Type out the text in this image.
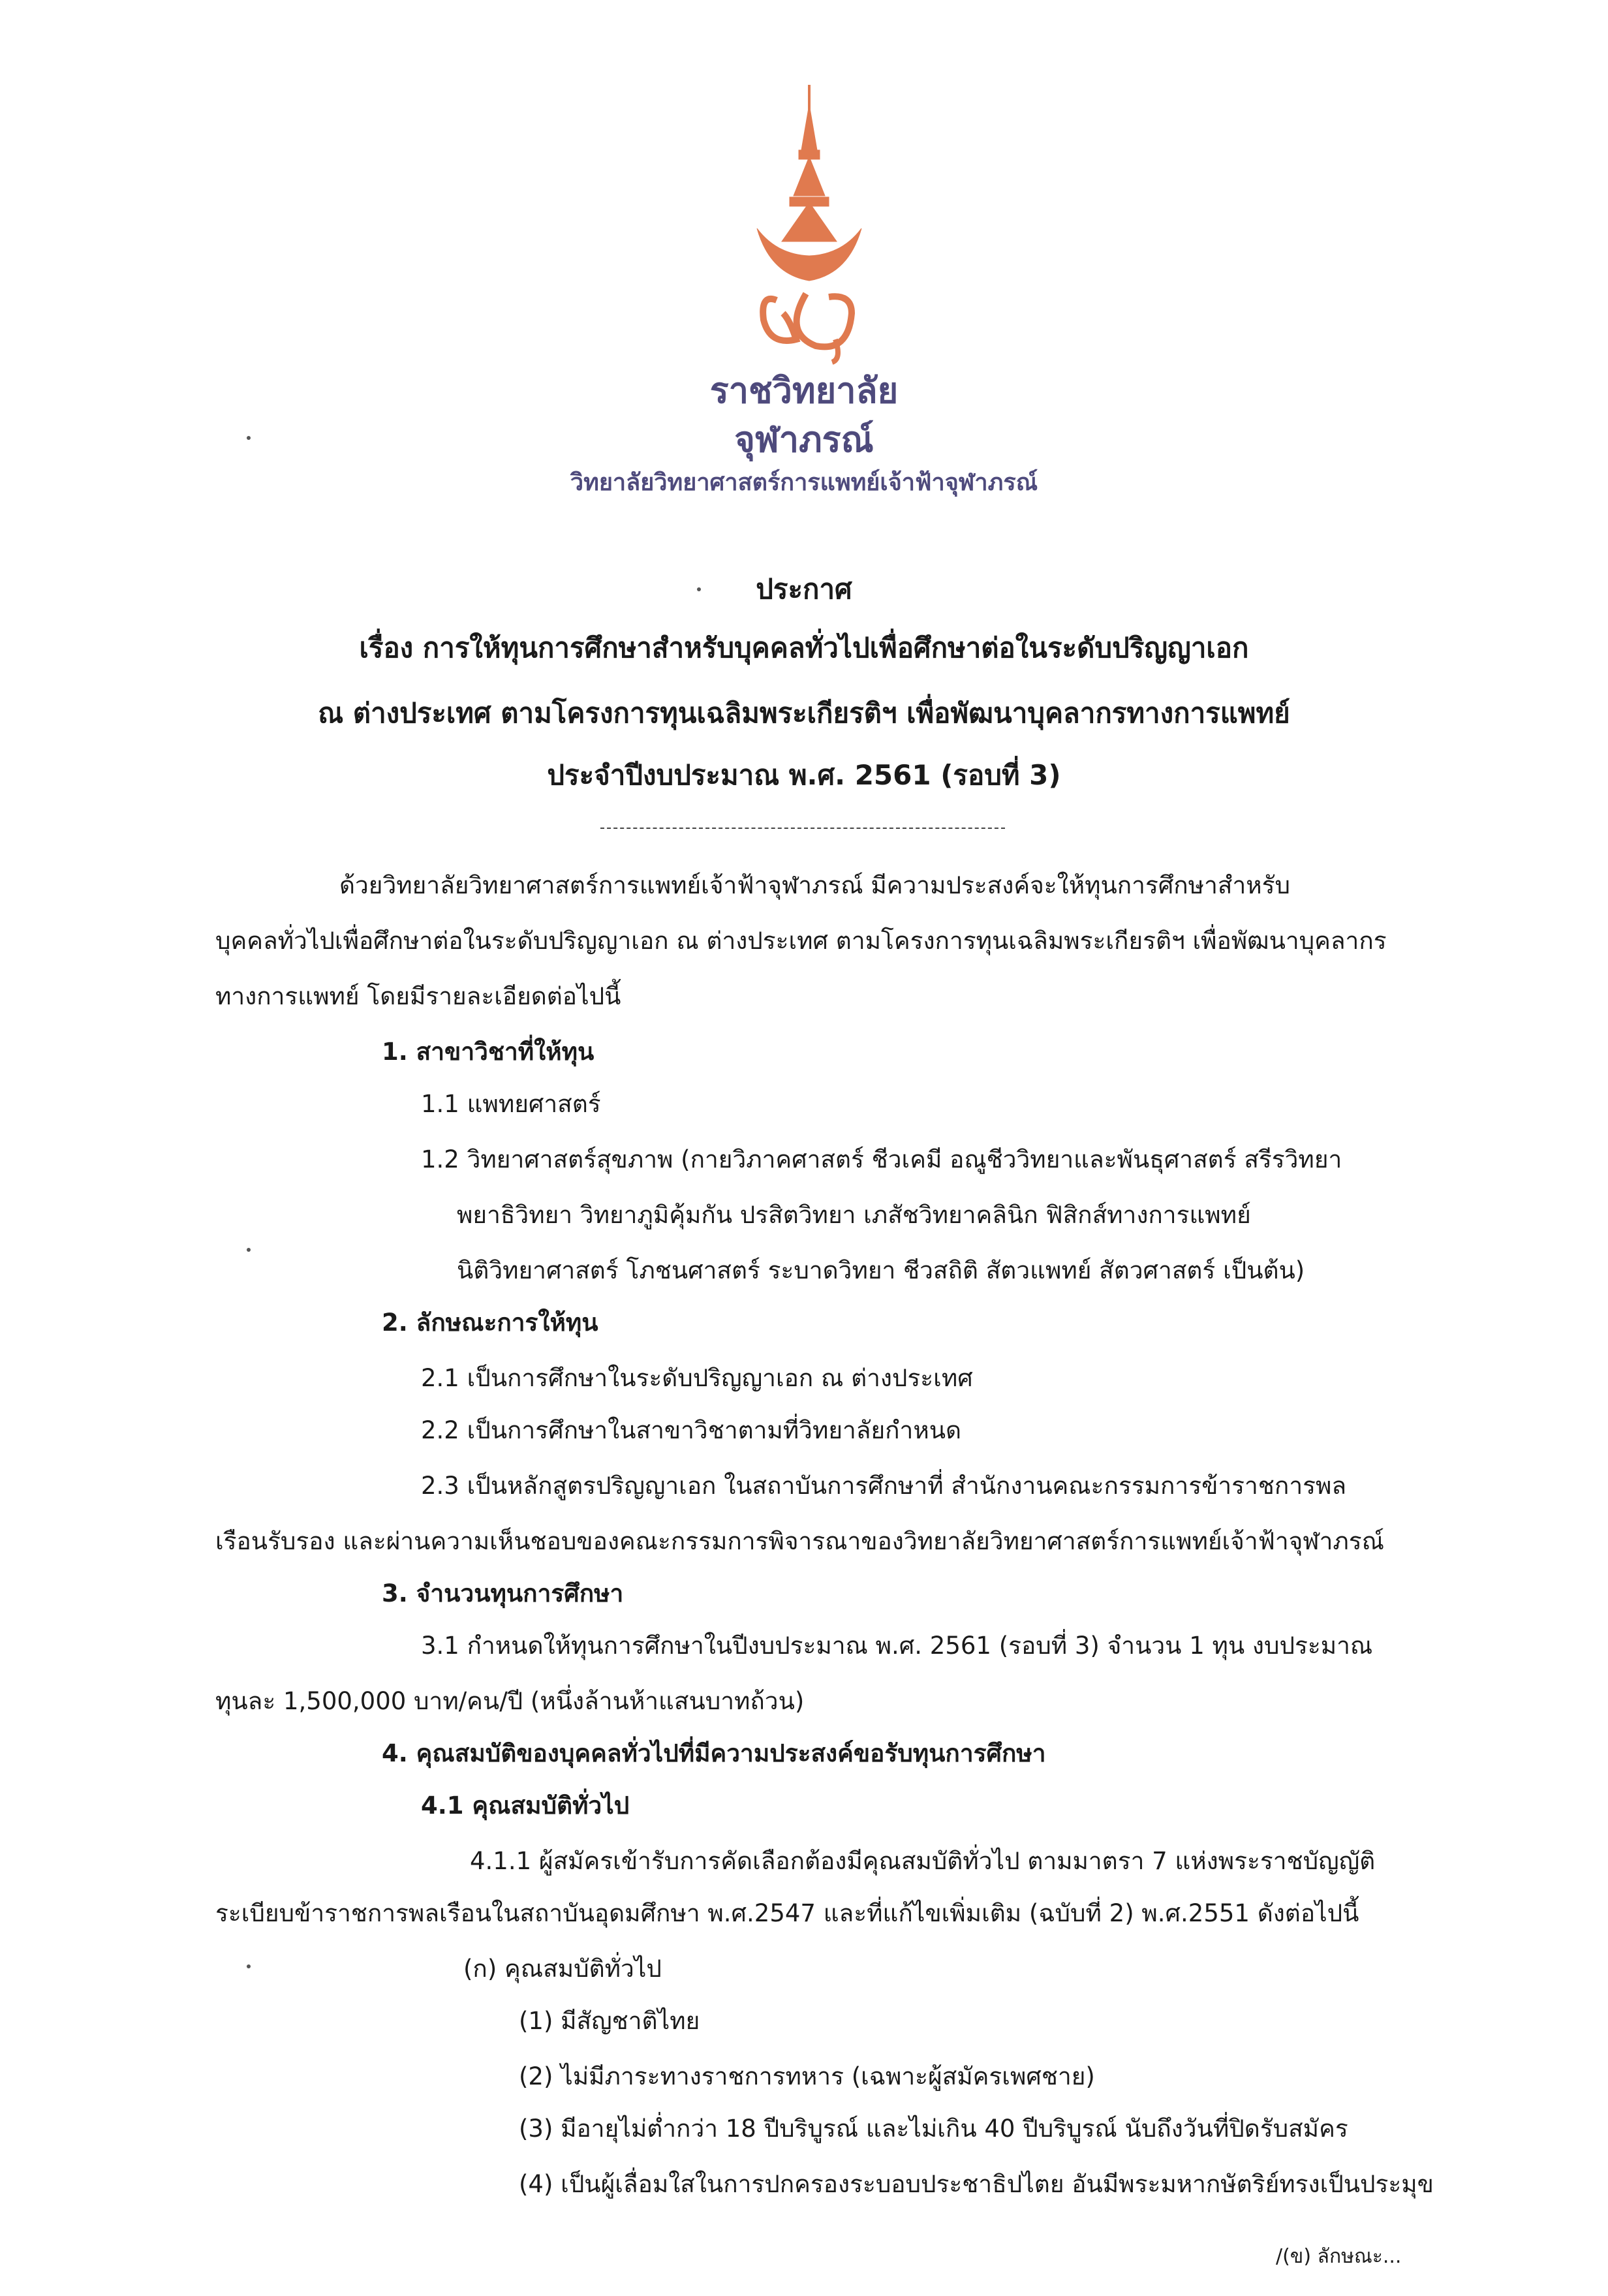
ราชวิทยาลัย
จุฬาภรณ์
วิทยาลัยวิทยาศาสตร์การแพทย์เจ้าฟ้าจุฬาภรณ์
ประกาศ
เรื่อง การให้ทุนการศึกษาสำหรับบุคคลทั่วไปเพื่อศึกษาต่อในระดับปริญญาเอก
ณ ต่างประเทศ ตามโครงการทุนเฉลิมพระเกียรติฯ เพื่อพัฒนาบุคลากรทางการแพทย์
ประจำปีงบประมาณ พ.ศ. 2561 (รอบที่ 3)
ด้วยวิทยาลัยวิทยาศาสตร์การแพทย์เจ้าฟ้าจุฬาภรณ์ มีความประสงค์จะให้ทุนการศึกษาสำหรับ
บุคคลทั่วไปเพื่อศึกษาต่อในระดับปริญญาเอก ณ ต่างประเทศ ตามโครงการทุนเฉลิมพระเกียรติฯ เพื่อพัฒนาบุคลากร
ทางการแพทย์ โดยมีรายละเอียดต่อไปนี้
1. สาขาวิชาที่ให้ทุน
1.1 แพทยศาสตร์
1.2 วิทยาศาสตร์สุขภาพ (กายวิภาคศาสตร์ ชีวเคมี อณูชีววิทยาและพันธุศาสตร์ สรีรวิทยา
พยาธิวิทยา วิทยาภูมิคุ้มกัน ปรสิตวิทยา เภสัชวิทยาคลินิก ฟิสิกส์ทางการแพทย์
นิติวิทยาศาสตร์ โภชนศาสตร์ ระบาดวิทยา ชีวสถิติ สัตวแพทย์ สัตวศาสตร์ เป็นต้น)
2. ลักษณะการให้ทุน
2.1 เป็นการศึกษาในระดับปริญญาเอก ณ ต่างประเทศ
2.2 เป็นการศึกษาในสาขาวิชาตามที่วิทยาลัยกำหนด
2.3 เป็นหลักสูตรปริญญาเอก ในสถาบันการศึกษาที่ สำนักงานคณะกรรมการข้าราชการพล
เรือนรับรอง และผ่านความเห็นชอบของคณะกรรมการพิจารณาของวิทยาลัยวิทยาศาสตร์การแพทย์เจ้าฟ้าจุฬาภรณ์
3. จำนวนทุนการศึกษา
3.1 กำหนดให้ทุนการศึกษาในปีงบประมาณ พ.ศ. 2561 (รอบที่ 3) จำนวน 1 ทุน งบประมาณ
ทุนละ 1,500,000 บาท/คน/ปี (หนึ่งล้านห้าแสนบาทถ้วน)
4. คุณสมบัติของบุคคลทั่วไปที่มีความประสงค์ขอรับทุนการศึกษา
4.1 คุณสมบัติทั่วไป
4.1.1 ผู้สมัครเข้ารับการคัดเลือกต้องมีคุณสมบัติทั่วไป ตามมาตรา 7 แห่งพระราชบัญญัติ
ระเบียบข้าราชการพลเรือนในสถาบันอุดมศึกษา พ.ศ.2547 และที่แก้ไขเพิ่มเติม (ฉบับที่ 2) พ.ศ.2551 ดังต่อไปนี้
(ก) คุณสมบัติทั่วไป
(1) มีสัญชาติไทย
(2) ไม่มีภาระทางราชการทหาร (เฉพาะผู้สมัครเพศชาย)
(3) มีอายุไม่ต่ำกว่า 18 ปีบริบูรณ์ และไม่เกิน 40 ปีบริบูรณ์ นับถึงวันที่ปิดรับสมัคร
(4) เป็นผู้เลื่อมใสในการปกครองระบอบประชาธิปไตย อันมีพระมหากษัตริย์ทรงเป็นประมุข
/(ข) ลักษณะ...
